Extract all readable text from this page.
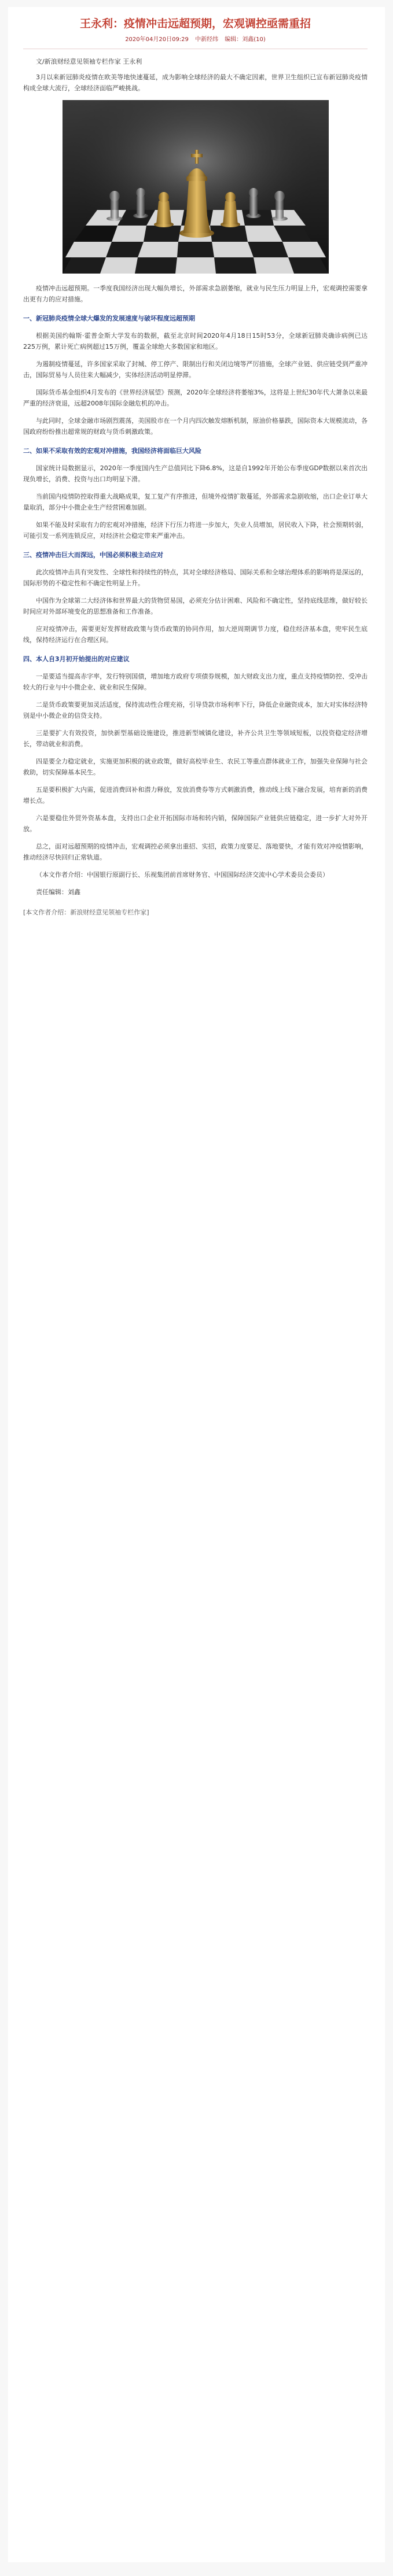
王永利：疫情冲击远超预期，宏观调控亟需重招
2020年04月20日09:29 中新经纬 编辑：刘鑫(10)

文/新浪财经意见领袖专栏作家 王永利

3月以来新冠肺炎疫情在欧美等地快速蔓延，成为影响全球经济的最大不确定因素，世界卫生组织已宣布新冠肺炎疫情构成全球大流行，全球经济面临严峻挑战。

疫情冲击远超预期。一季度我国经济出现大幅负增长，外部需求急剧萎缩，就业与民生压力明显上升，宏观调控需要拿出更有力的应对措施。

一、新冠肺炎疫情全球大爆发的发展速度与破坏程度远超预期

根据美国约翰斯·霍普金斯大学发布的数据，截至北京时间2020年4月18日15时53分，全球新冠肺炎确诊病例已达225万例，累计死亡病例超过15万例，覆盖全球绝大多数国家和地区。

为遏制疫情蔓延，许多国家采取了封城、停工停产、限制出行和关闭边境等严厉措施，全球产业链、供应链受到严重冲击，国际贸易与人员往来大幅减少，实体经济活动明显停滞。

国际货币基金组织4月发布的《世界经济展望》预测，2020年全球经济将萎缩3%，这将是上世纪30年代大萧条以来最严重的经济衰退，远超2008年国际金融危机的冲击。

与此同时，全球金融市场剧烈震荡，美国股市在一个月内四次触发熔断机制，原油价格暴跌，国际资本大规模流动，各国政府纷纷推出超常规的财政与货币刺激政策。

二、如果不采取有效的宏观对冲措施，我国经济将面临巨大风险

国家统计局数据显示，2020年一季度国内生产总值同比下降6.8%，这是自1992年开始公布季度GDP数据以来首次出现负增长，消费、投资与出口均明显下滑。

当前国内疫情防控取得重大战略成果，复工复产有序推进，但境外疫情扩散蔓延，外部需求急剧收缩，出口企业订单大量取消，部分中小微企业生产经营困难加剧。

如果不能及时采取有力的宏观对冲措施，经济下行压力将进一步加大，失业人员增加，居民收入下降，社会预期转弱，可能引发一系列连锁反应，对经济社会稳定带来严重冲击。

三、疫情冲击巨大而深远，中国必须积极主动应对

此次疫情冲击具有突发性、全球性和持续性的特点，其对全球经济格局、国际关系和全球治理体系的影响将是深远的，国际形势的不稳定性和不确定性明显上升。

中国作为全球第二大经济体和世界最大的货物贸易国，必须充分估计困难、风险和不确定性，坚持底线思维，做好较长时间应对外部环境变化的思想准备和工作准备。

应对疫情冲击，需要更好发挥财政政策与货币政策的协同作用，加大逆周期调节力度，稳住经济基本盘，兜牢民生底线，保持经济运行在合理区间。

四、本人自3月初开始提出的对应建议

一是要适当提高赤字率，发行特别国债，增加地方政府专项债券规模，加大财政支出力度，重点支持疫情防控、受冲击较大的行业与中小微企业、就业和民生保障。

二是货币政策要更加灵活适度，保持流动性合理充裕，引导贷款市场利率下行，降低企业融资成本，加大对实体经济特别是中小微企业的信贷支持。

三是要扩大有效投资，加快新型基础设施建设，推进新型城镇化建设，补齐公共卫生等领域短板，以投资稳定经济增长，带动就业和消费。

四是要全力稳定就业，实施更加积极的就业政策，做好高校毕业生、农民工等重点群体就业工作，加强失业保障与社会救助，切实保障基本民生。

五是要积极扩大内需，促进消费回补和潜力释放，发放消费券等方式刺激消费，推动线上线下融合发展，培育新的消费增长点。

六是要稳住外贸外资基本盘，支持出口企业开拓国际市场和转内销，保障国际产业链供应链稳定，进一步扩大对外开放。

总之，面对远超预期的疫情冲击，宏观调控必须拿出重招、实招，政策力度要足、落地要快，才能有效对冲疫情影响，推动经济尽快回归正常轨道。

（本文作者介绍：中国银行原副行长、乐视集团前首席财务官、中国国际经济交流中心学术委员会委员）

责任编辑：刘鑫

[本文作者介绍：新浪财经意见领袖专栏作家]
